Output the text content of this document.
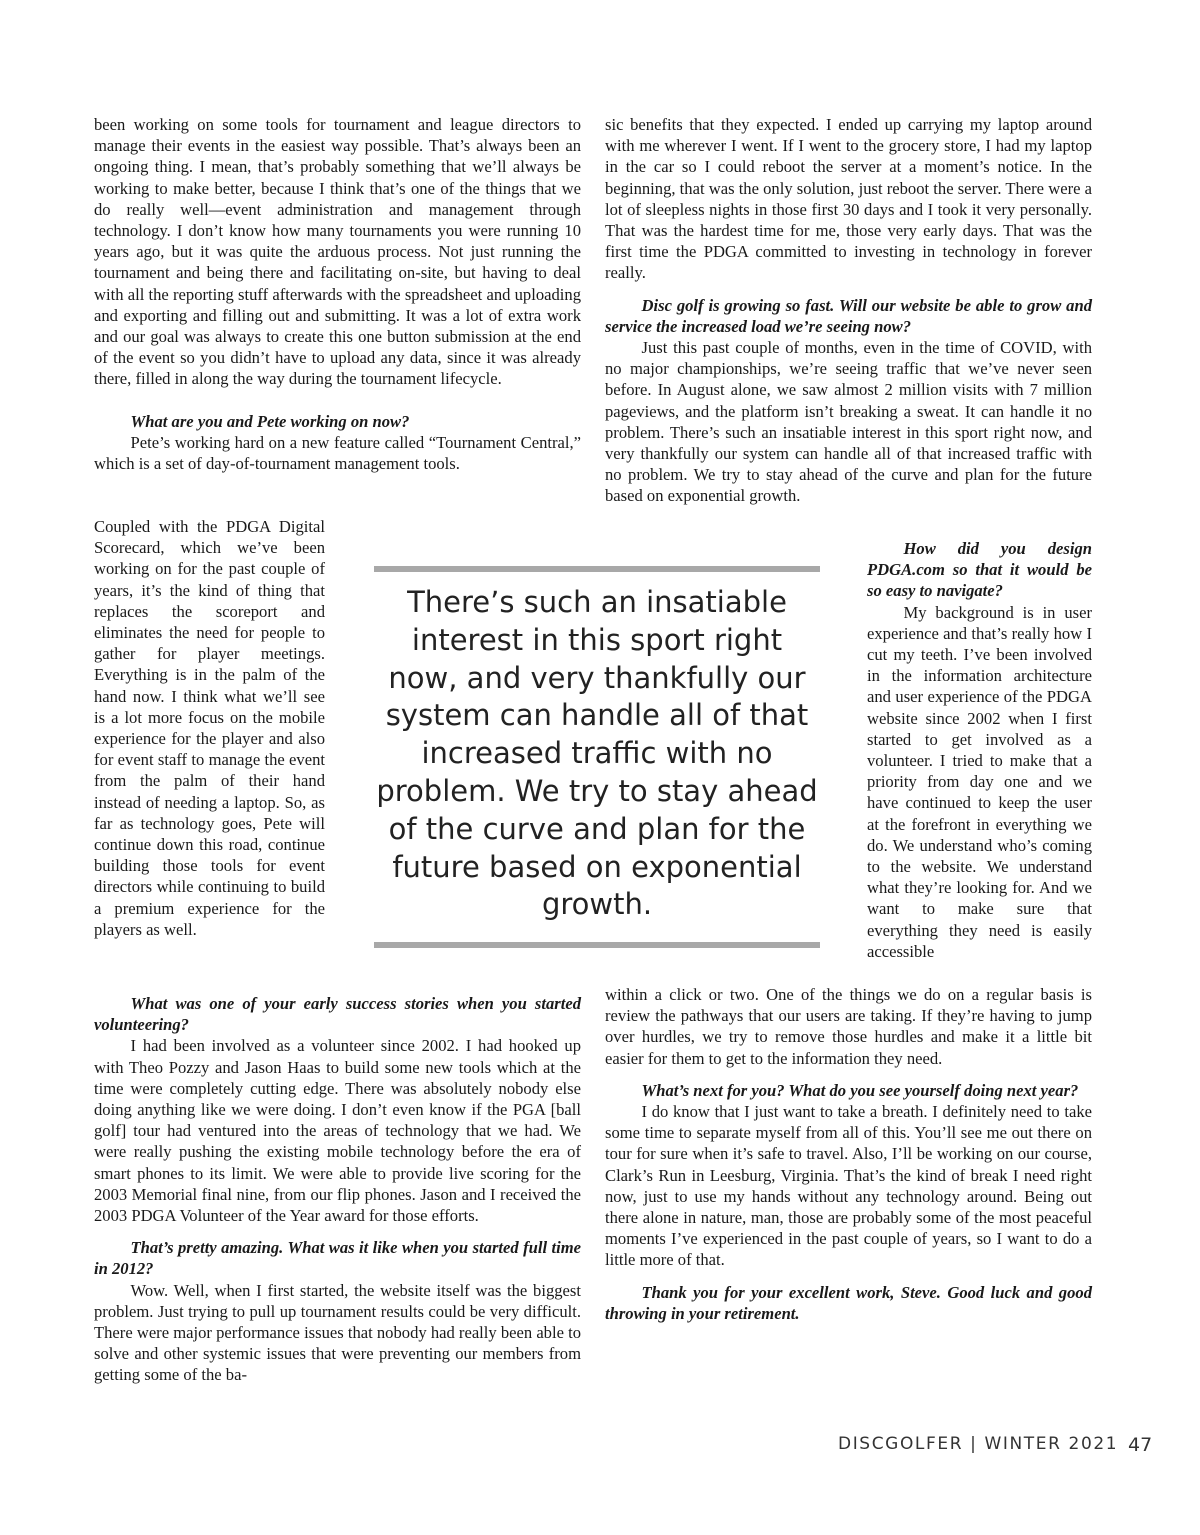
been working on some tools for tournament and league directors to manage their events in the easiest way possible. That’s always been an ongoing thing. I mean, that’s probably something that we’ll always be working to make better, because I think that’s one of the things that we do really well—event administration and management through technology. I don’t know how many tournaments you were running 10 years ago, but it was quite the arduous process. Not just running the tournament and being there and facilitating on-site, but having to deal with all the reporting stuff afterwards with the spreadsheet and uploading and exporting and filling out and submitting. It was a lot of extra work and our goal was always to create this one button submission at the end of the event so you didn’t have to upload any data, since it was already there, filled in along the way during the tournament lifecycle.

What are you and Pete working on now?

Pete’s working hard on a new feature called “Tournament Central,” which is a set of day-of-tournament management tools.

Coupled with the PDGA Digital Scorecard, which we’ve been working on for the past couple of years, it’s the kind of thing that replaces the scoreport and eliminates the need for people to gather for player meetings. Everything is in the palm of the hand now. I think what we’ll see is a lot more focus on the mobile experience for the player and also for event staff to manage the event from the palm of their hand instead of needing a laptop. So, as far as technology goes, Pete will continue down this road, continue building those tools for event directors while continuing to build a premium experience for the players as well.

What was one of your early success stories when you started volunteering?

I had been involved as a volunteer since 2002. I had hooked up with Theo Pozzy and Jason Haas to build some new tools which at the time were completely cutting edge. There was absolutely nobody else doing anything like we were doing. I don’t even know if the PGA [ball golf] tour had ventured into the areas of technology that we had. We were really pushing the existing mobile technology before the era of smart phones to its limit. We were able to provide live scoring for the 2003 Memorial final nine, from our flip phones. Jason and I received the 2003 PDGA Volunteer of the Year award for those efforts.

That’s pretty amazing. What was it like when you started full time in 2012?

Wow. Well, when I first started, the website itself was the biggest problem. Just trying to pull up tournament results could be very difficult. There were major performance issues that nobody had really been able to solve and other systemic issues that were preventing our members from getting some of the ba-

sic benefits that they expected. I ended up carrying my laptop around with me wherever I went. If I went to the grocery store, I had my laptop in the car so I could reboot the server at a moment’s notice. In the beginning, that was the only solution, just reboot the server. There were a lot of sleepless nights in those first 30 days and I took it very personally. That was the hardest time for me, those very early days. That was the first time the PDGA committed to investing in technology in forever really.

Disc golf is growing so fast. Will our website be able to grow and service the increased load we’re seeing now?

Just this past couple of months, even in the time of COVID, with no major championships, we’re seeing traffic that we’ve never seen before. In August alone, we saw almost 2 million visits with 7 million pageviews, and the platform isn’t breaking a sweat. It can handle it no problem. There’s such an insatiable interest in this sport right now, and very thankfully our system can handle all of that increased traffic with no problem. We try to stay ahead of the curve and plan for the future based on exponential growth.

How did you design PDGA.com so that it would be so easy to navigate?

My background is in user experience and that’s really how I cut my teeth. I’ve been involved in the information architecture and user experience of the PDGA website since 2002 when I first started to get involved as a volunteer. I tried to make that a priority from day one and we have continued to keep the user at the forefront in everything we do. We understand who’s coming to the website. We understand what they’re looking for. And we want to make sure that everything they need is easily accessible

within a click or two. One of the things we do on a regular basis is review the pathways that our users are taking. If they’re having to jump over hurdles, we try to remove those hurdles and make it a little bit easier for them to get to the information they need.

What’s next for you? What do you see yourself doing next year?

I do know that I just want to take a breath. I definitely need to take some time to separate myself from all of this. You’ll see me out there on tour for sure when it’s safe to travel. Also, I’ll be working on our course, Clark’s Run in Leesburg, Virginia. That’s the kind of break I need right now, just to use my hands without any technology around. Being out there alone in nature, man, those are probably some of the most peaceful moments I’ve experienced in the past couple of years, so I want to do a little more of that.

Thank you for your excellent work, Steve. Good luck and good throwing in your retirement.

There’s such an insatiable interest in this sport right now, and very thankfully our system can handle all of that increased traffic with no problem. We try to stay ahead of the curve and plan for the future based on exponential growth.
DISCGOLFER | WINTER 2021 47
